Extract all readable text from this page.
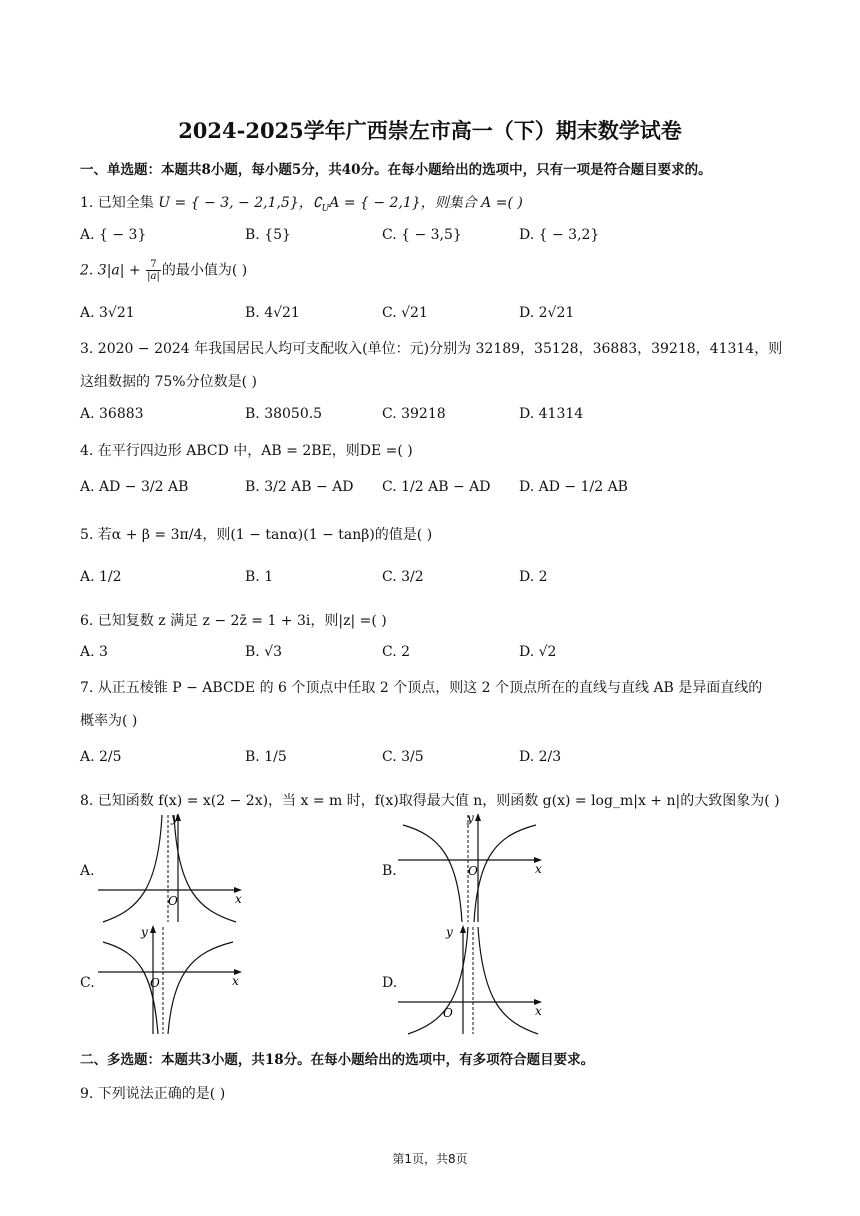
2024-2025学年广西崇左市高一（下）期末数学试卷
一、单选题：本题共8小题，每小题5分，共40分。在每小题给出的选项中，只有一项是符合题目要求的。
1. 已知全集 U = { − 3, − 2,1,5}，$∁_UA$ = { − 2,1}，则集合 A =( )
A. { − 3}	B. {5}	C. { − 3,5}	D. { − 3,2}
2. $3|a| + \frac{7}{|a|}$ 的最小值为( )
A. 3√21	B. 4√21	C. √21	D. 2√21
3. 2020 − 2024 年我国居民人均可支配收入(单位：元)分别为 32189，35128，36883，39218，41314，则
这组数据的 75%分位数是( )
A. 36883	B. 38050.5	C. 39218	D. 41314
4. 在平行四边形 ABCD 中，AB = 2BE，则DE =( )
A. AD − 3/2 AB	B. 3/2 AB − AD C. 1/2 AB − AD D. AD − 1/2 AB
5. 若α + β = 3π/4，则(1 − tanα)(1 − tanβ)的值是( )
A. 1/2	B. 1	C. 3/2	D. 2
6. 已知复数 z 满足 z − 2z̄ = 1 + 3i，则|z| =( )
A. 3	B. √3	C. 2	D. √2
7. 从正五棱锥 P − ABCDE 的 6 个顶点中任取 2 个顶点，则这 2 个顶点所在的直线与直线 AB 是异面直线的
概率为( )
A. 2/5	B. 1/5	C. 3/5	D. 2/3
8. 已知函数 f(x) = x(2 − 2x)，当 x = m 时，f(x)取得最大值 n，则函数 g(x) = log_m|x + n|的大致图象为( )
A.	B.
C.	D.
O	x
y
O	x
y
O	x
y
O	x
y
二、多选题：本题共3小题，共18分。在每小题给出的选项中，有多项符合题目要求。
9. 下列说法正确的是( )
第1页，共8页
